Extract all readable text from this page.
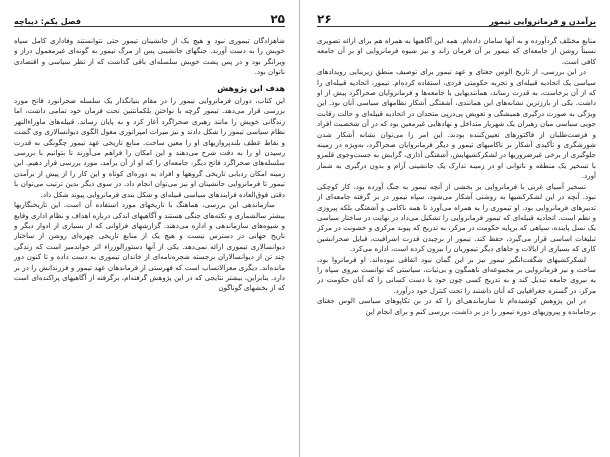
۲۵
فصل یکم: دیباچه

شاهزادگان تیموری نبود و هیچ یک از جانشینان تیمور حتی نتوانستند وفاداری کامل سپاه خویش را به دست آورند. جنگهای جانشینی پس از مرگ تیمور به گونه‌ای غیرمعمول دراز و ویرانگر بود و در پس پشت خویش سلسله‌ای باقی گذاشت که از نظر سیاسی و اقتصادی ناتوان بود.

هدف این پژوهش

این کتاب، دوران فرمانروایی تیمور را در مقام بنیانگذار یک سلسله صحرانورد فاتح مورد بررسی قرار می‌دهد. تیمور گرچه با نواختن بلکمانتنین تحت فرمان خود تمامی داشت، اما زندگانی خویش را مانند رهبری صحراگرد آغاز کرد و به پایان رساند. قبیله‌های ماوراءالنهر نظام سیاسی تیمور را شکل دادند و نیز میراث امپراتوری مغول الگوی دیوانسالاری وی گشت و نقاط عطف بلندپروازیهای او را معین ساخت. منابع تاریخی عهد تیمور چگونگی به قدرت رسیدن او را به دقت شرح می‌دهند و این امکان را فراهم می‌آورند تا بتوانیم با بررسی سلسله‌های صحراگرد فاتح دیگر، جامعه‌ای را که او از آن برآمد، مورد بررسی قرار دهیم. این زمینه امکان ردیابی تاریخی گروهها و افراد به دوره‌ای کوتاه و این کار را از پیش از برآمدن تیمور تا فرمانروایی جانشینان او نیز می‌توان انجام داد. در سوی دیگر بدین ترتیب می‌توان با دقتی فوق‌العاده فرایندهای سیاسی قبیله‌ای و شکل بندی فرمانروایی پیوند شکل داد.

سازماندهی این بررسی، هماهنگ با تاریخهای مورد استفاده آن است. این تاریخنگاریها بیشتر سالشماری و نکته‌های جنگی هستند و آگاهیهای اندکی درباره اهداف و نظام اداری وقایع و شیوه‌های سازماندهی و اداره می‌دهند. گزارشهای فراوانی که از بسیاری از ادوار دیگر و تاریخ جهانی در دسترس نیست و هیچ یک از منابع تاریخی چهره‌ای روشن از ساختار دیوانسالاری تیموری ارائه نمی‌دهد. یکی از آنها دستورالوزراء اثر خواندمیر است که زندگی چند تن از دیوانسالاران برجسته شجره‌نامه‌ای از خاندان تیموری به دست داده و تا کنون دور مانده‌اند. دیگری معزالانساب است که فهرستی از فرماندهان عهد تیمور و فرزندانش را در بر دارد. بنابراین، بیشتر نتایجی که در این پژوهش گرفته‌ام، برگرفته از آگاهیهای پراکنده‌ای است که از بخشهای گوناگون

برآمدن و فرمانروایی تیمور
۲۶

منابع مختلف گردآورده و به آنها سامان داده‌ام. همه این آگاهیها به همراه هم برای ارائه تصویری نسبتاً روشن از جامعه‌ای که تیمور بر آن فرمان راند و نیز شیوه فرمانروایی او بر آن جامعه کافی است.

در این بررسی، از تاریخ الوس جغتای و عهد تیمور برای توصیف منطق زیربنایی رویدادهای سیاسی یک اتحادیه قبیله‌ای و تجربه حکومتی فردی، استفاده کرده‌ام. تیمور، اتحادیه قبیله‌ای را که از آن برخاست، به قدرت رساند، همانندیهایی با جامعه‌ها و فرمانروایان صحراگرد پیش از او داشت. یکی از بارزترین نشانه‌های این همانندی، آشفتگی آشکار نظامهای سیاسی آنان بود. این ویژگی به صورت درگیری همیشگی و تعویض پی‌درپی متحدان در اتحادیه قبیله‌ای و حالت رقابت جویی سیاسی میان رهبران یک شهریار متداخل و نهادهایی غیرمعین بود که در آن شخصیت افراد و فرصت‌طلبان از فاکتورهای تعیین‌کننده بودند. این امر را می‌توان نشانه آشکار شدن شورشگری و تأکیدی آشکار بر ناکامیهای تیمور و دیگر فرمانروایان صحراگرد، به‌ویژه در زمینه جلوگیری از برخی غیرضروریها در لشکرکشیهایش، آشفتگی آذاری، گرایش به جست‌وجوی قلمرو با تسخیر یک منطقه و ناتوانی او در زمینه تدارک یک جانشینی آرام و بدون درگیری به شمار آورد.

تسخیر آسیای غربی با فرمانروایی بر بخشی از آنچه تیمور به جنگ آورده بود، کار کوچکی نبود. آنچه در این لشکرکشیها به روشنی آشکار می‌شود، سپاه تیمور در بر گرفته جامعه‌ای از تدبیرهای فرمانروایی بود. او تیموری را به همراه می‌آورد تا همه ناکامی و آشفتگی بلکه پیروزی و نظم است. اتحادیه قبیله‌ای که تیمور فرمانروایی را تشکیل می‌داد در نهایت در ساختار سیاسی یک نسل پاینده، سپاهی که برپایه حکومت در مرکز، به تدریج که پیوند مرکزی و خشونت در مرکز تبلیغات اساسی قرار می‌گیرد، حفظ کند. تیمور از برچیدن قدرت اشرافیت، قبایل صحرانشین کاری که بسیاری از ایالات و جاهای دیگر تیموریان را بیرون کرده است، اداره می‌کرد.

لشکرکشیهای شگفت‌انگیز تیمور نیز بر این گمان نبود اتفاقی نبوده‌اند. او فرمانروا بود، ساخت و نیز فرمانروایی بر مجموعه‌ای ناهمگون و بی‌ثبات، سیاستی که توانست نیروی سپاه را به نیروی جامعه تبدیل کند و به تدریج کسی چون خود با دست کسانی را که آنان حکومت در مرکز، در گستره جغرافیایی که آنان داشتند را تحت کنترل خود درآورد.

در این پژوهش کوشیده‌ام تا سازماندهی‌ای را که در بن تکاپوهای سیاسی الوس جغتای برجامانده و پیروزیهای دوره تیمور را در بر داشت، بررسی کنم و برای انجام این
